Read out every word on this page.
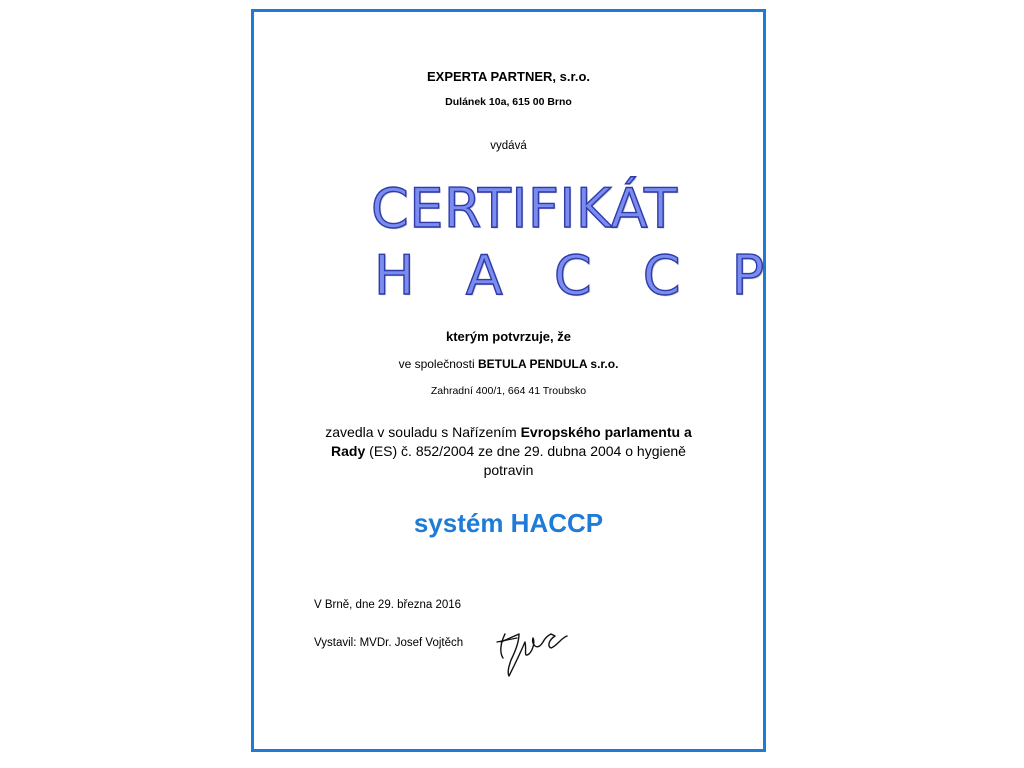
EXPERTA PARTNER, s.r.o.
Dulánek 10a, 615 00 Brno
vydává
CERTIFIKÁT
H A C C P
kterým potvrzuje, že
ve společnosti BETULA PENDULA s.r.o.
Zahradní 400/1, 664 41 Troubsko
zavedla v souladu s Nařízením Evropského parlamentu a
Rady (ES) č. 852/2004 ze dne 29. dubna 2004 o hygieně
potravin
systém HACCP
V Brně, dne 29. března 2016
Vystavil: MVDr. Josef Vojtěch
